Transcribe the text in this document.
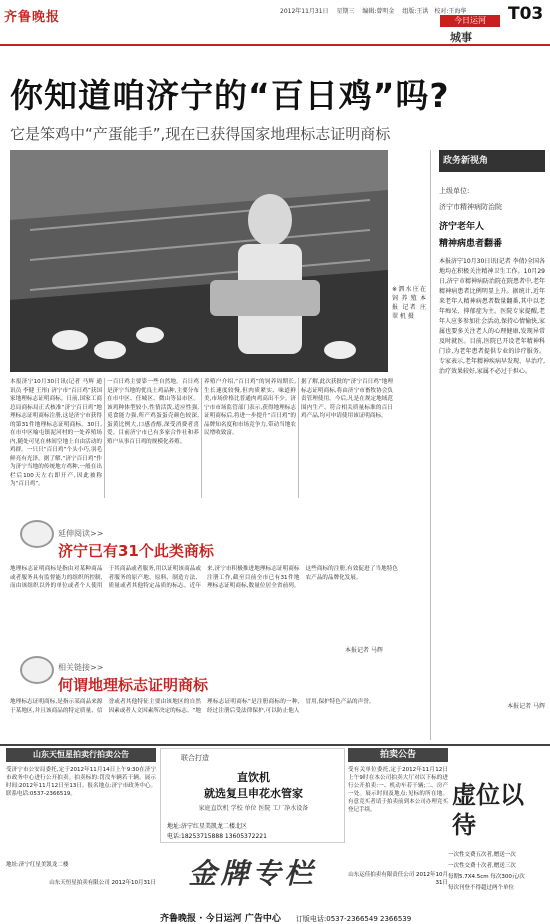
齐鲁晚报	2012年11月31日 星期三 编辑:曾明金 组版:王洪 校对:王海华
今日运河
城事
T03
你知道咱济宁的“百日鸡”吗?
它是笨鸡中“产蛋能手”,现在已获得国家地理标志证明商标
※泗水庄在 饲 养 殖 本 报 记者 庄 翠 机 摄
本报济宁10月30日讯(记者 马辉 通讯员 李健 王彤) 济宁市“百日鸡”获国家地理标志证明商标。日前,国家工商总局商标局正式核准“济宁百日鸡”地理标志证明商标注册,这是济宁市获得的第31件地理标志证明商标。30日,在市中区喻屯镇泥河村的一处养殖场内,随处可见在林间空地上自由活动的鸡群。一只只“百日鸡”个头小巧,羽毛鲜亮有光泽。据了解,“济宁百日鸡”作为济宁当地的传统地方鸡种,一般在出栏后100天左右即开产,因此被称为“百日鸡”。
一百日鸡主要靠一些自然地。百日鸡是济宁当地的优良土鸡品种,主要分布在市中区、任城区、微山等县市区。该鸡种体型较小,性情活泼,适应性强,觅食能力强,所产鸡蛋蛋壳颜色较深,蛋黄比例大,口感香醇,深受消费者喜爱。目前济宁市已有多家合作社和养殖户从事百日鸡的规模化养殖。
养殖户介绍,“百日鸡”的饲养周期长,生长速度较慢,但肉质紧实、味道鲜美,市场价格比普通肉鸡高出不少。济宁市市场监管部门表示,获得地理标志证明商标后,将进一步提升“百日鸡”的品牌知名度和市场竞争力,带动当地农民增收致富。
据了解,此次获批的“济宁百日鸡”地理标志证明商标,将由济宁市畜牧协会负责管理使用。今后,凡是在规定地域范围内生产、符合相关质量标准的百日鸡产品,均可申请使用该证明商标。
延伸阅读>>
济宁已有31个此类商标
地理标志证明商标是指由对某种商品或者服务具有监督能力的组织所控制,而由该组织以外的单位或者个人使用于其商品或者服务,用以证明该商品或者服务的原产地、原料、制造方法、质量或者其他特定品质的标志。近年来,济宁市积极推进地理标志证明商标注册工作,截至目前全市已有31件地理标志证明商标,数量位居全省前列。这些商标的注册,有效促进了当地特色农产品的品牌化发展。
本报记者 马辉
相关链接>>
何谓地理标志证明商标
地理标志证明商标,是指示某商品来源于某地区,并且该商品的特定质量、信誉或者其他特征主要由该地区的自然因素或者人文因素所决定的标志。“地理标志证明商标”是注册商标的一种,经过注册后受法律保护,可以防止他人冒用,保护特色产品的声誉。
政务新视角
上级单位:
济宁市精神病防治院
济宁老年人
精神病患者翻番
本报济宁10月30日讯(记者 李倩)全国各地均在积极关注精神卫生工作。10月29日,济宁市精神病防治院在院患者中,老年精神病患者比例明显上升。据统计,近年来老年人精神病患者数量翻番,其中以老年痴呆、抑郁症为主。医院专家提醒,老年人应多参加社会活动,保持心情愉快,家属也要多关注老人的心理健康,发现异常及时就医。目前,医院已开设老年精神科门诊,为老年患者提供专业的诊疗服务。专家表示,老年精神疾病早发现、早治疗,治疗效果较好,家属不必过于担心。
本报记者 马辉
山东天恒星拍卖行拍卖公告
受济宁市公安局委托,定于2012年11月14日上午9:30在济宁市政务中心进行公开拍卖。拍卖标的:罚没车辆若干辆。展示时间:2012年11月12日至13日。报名地点:济宁市政务中心。联系电话:0537-2366519。
地址:济宁红星美凯龙二楼
山东天恒星拍卖有限公司 2012年10月31日
联合打造
直饮机
就选复旦申花水管家
家庭直饮机 学校 单位 医院 工厂净水设备
地址:济宁红星美凯龙二楼北区
电话:18253715888 13605372221
金牌专栏
拍卖公告
受有关单位委托,定于2012年11月12日上午9时在本公司拍卖大厅对以下标的进行公开拍卖:一、机动车若干辆;二、房产一处。展示时间及地点:见标的所在地。有意竞买者请于拍卖前到本公司办理竞买登记手续。
山东运佳拍卖有限责任公司 2012年10月31日
虚位以待
一次性交费五次者,赠送一次
一次性交费十次者,赠送三次
每期5.7X4.5cm 每次300元/次
每次刊登不得超过两个单位
齐鲁晚报 · 今日运河 广告中心 订版电话:0537-2366549 2366539
